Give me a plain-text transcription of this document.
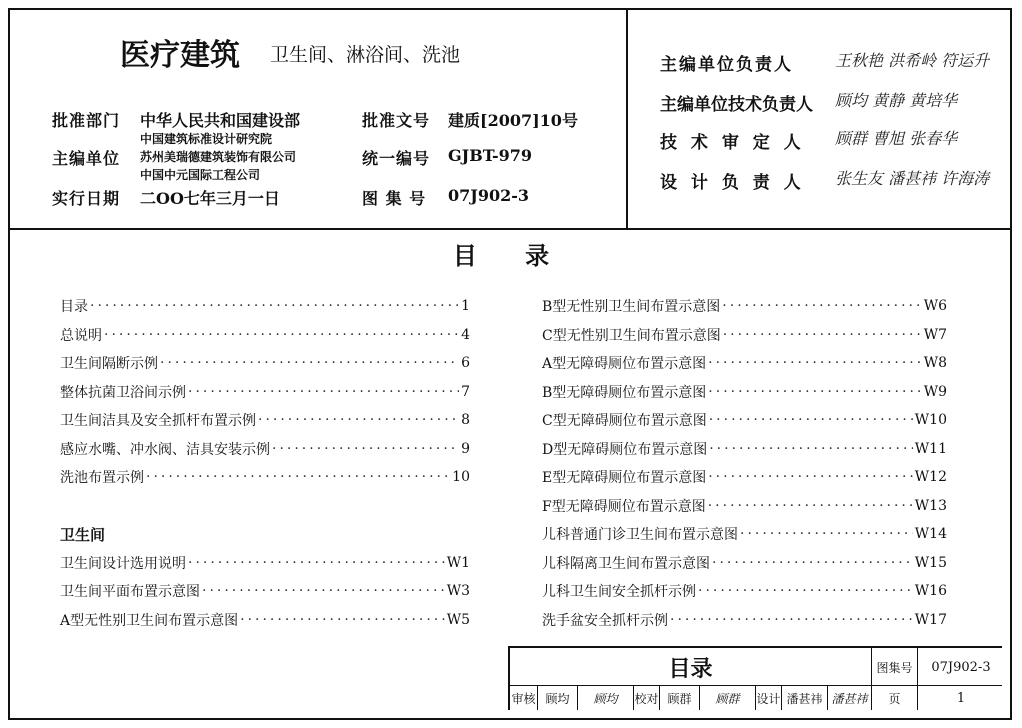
医疗建筑 卫生间、淋浴间、洗池
批准部门 中华人民共和国建设部	批准文号 建质[2007]10号
主编单位
中国建筑标准设计研究院
苏州美瑞德建筑装饰有限公司
中国中元国际工程公司
统一编号 GJBT-979
实行日期 二OO七年三月一日	图 集 号 07J902-3
主编单位负责人	王秋艳 洪希岭 符运升
主编单位技术负责人 顾均 黄静 黄培华
技 术 审 定 人 顾群 曹旭 张春华
设 计 负 责 人 张生友 潘甚祎 许海涛
目 录
目录 ·····	1
总说明 ·····	4
卫生间隔断示例 ·····	6
整体抗菌卫浴间示例 ·····	7
卫生间洁具及安全抓杆布置示例 ·····	8
感应水嘴、冲水阀、洁具安装示例 ·····	9
洗池布置示例 ·····	10
卫生间
卫生间设计选用说明 ·····	W1
卫生间平面布置示意图 ·····	W3
A型无性别卫生间布置示意图 ·····	W5
B型无性别卫生间布置示意图 ·····	W6
C型无性别卫生间布置示意图 ·····	W7
A型无障碍厕位布置示意图 ·····	W8
B型无障碍厕位布置示意图 ·····	W9
C型无障碍厕位布置示意图 ·····	W10
D型无障碍厕位布置示意图 ·····	W11
E型无障碍厕位布置示意图 ·····	W12
F型无障碍厕位布置示意图 ·····	W13
儿科普通门诊卫生间布置示意图 ·····	W14
儿科隔离卫生间布置示意图 ·····	W15
儿科卫生间安全抓杆示例 ·····	W16
洗手盆安全抓杆示例 ·····	W17
目录	图集号	07J902-3
审核 顾均	顾均	校对 顾群	顾群	设计 潘甚祎 潘甚祎	页	1
